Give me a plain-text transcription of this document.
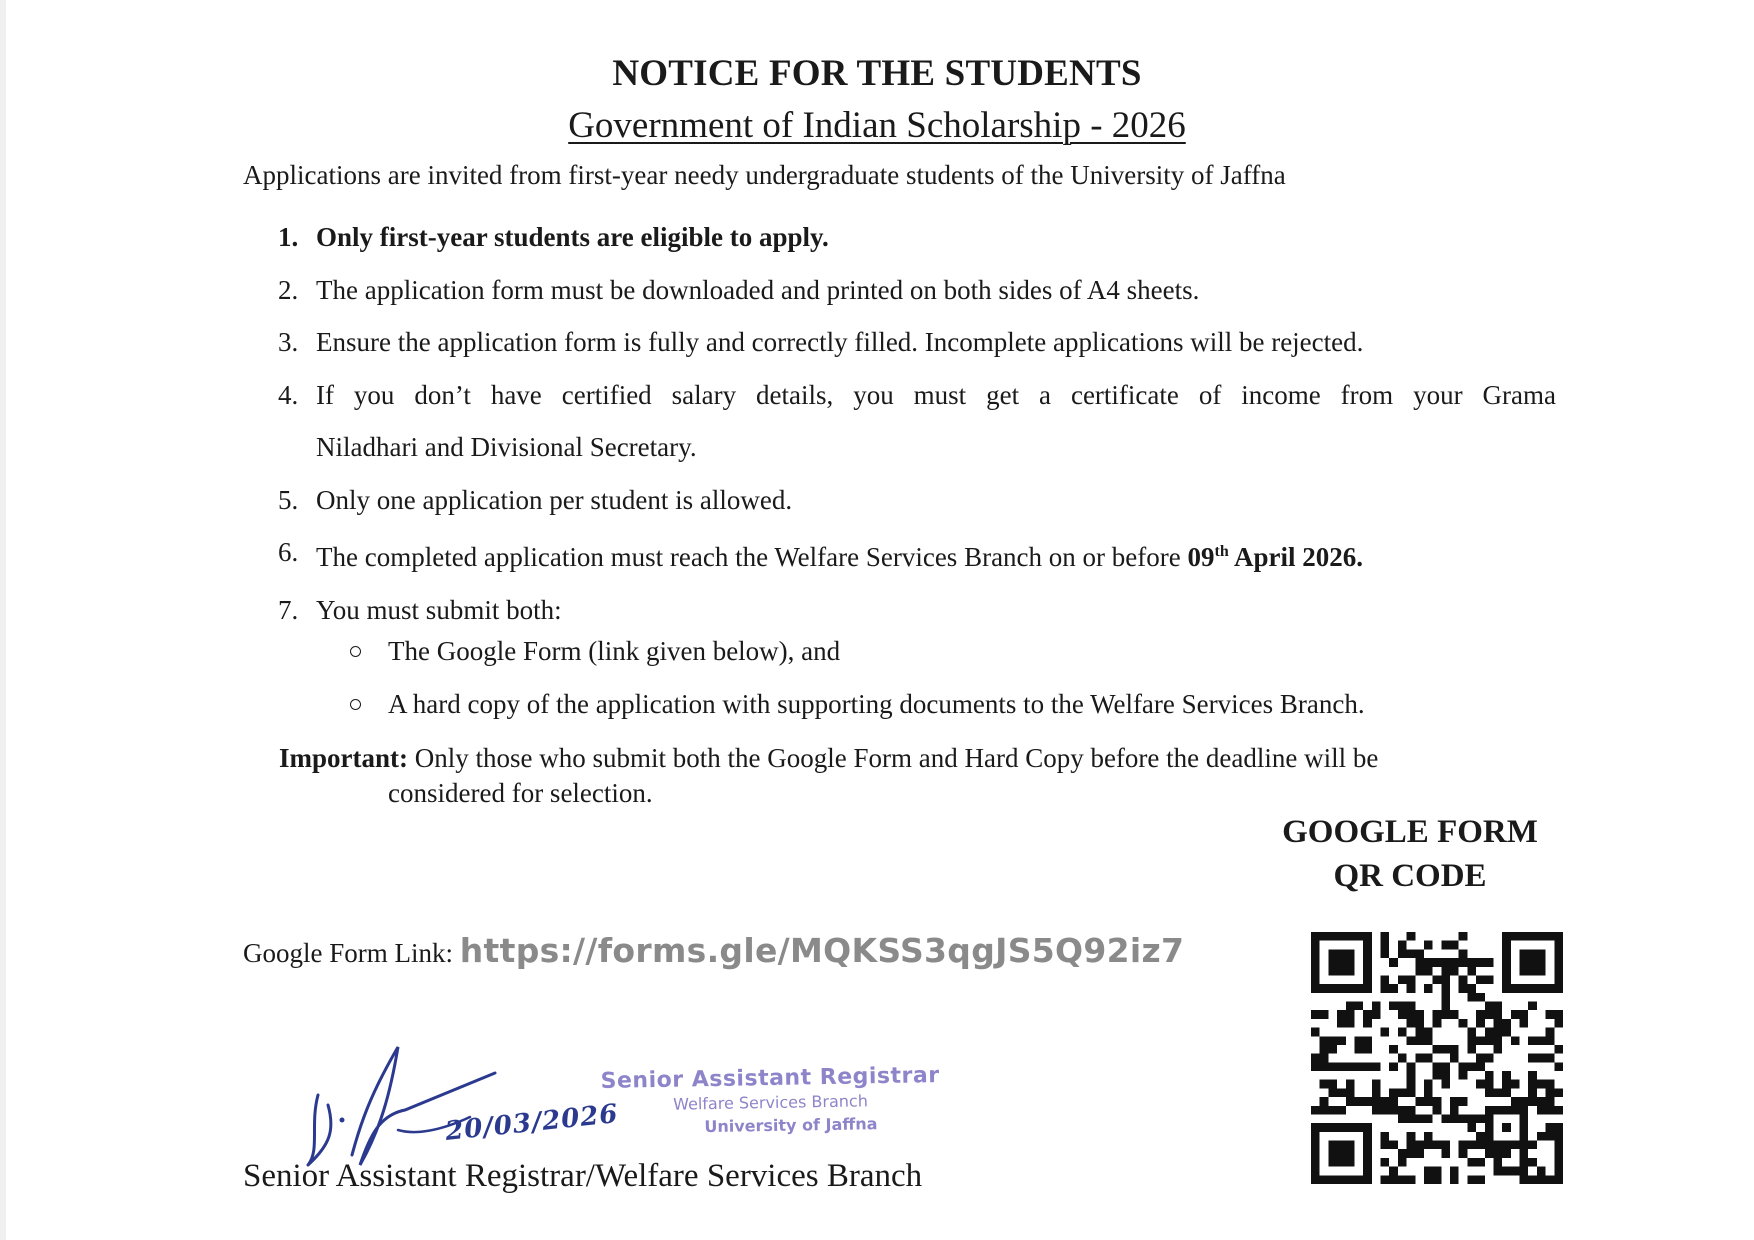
NOTICE FOR THE STUDENTS
Government of Indian Scholarship - 2026
Applications are invited from first-year needy undergraduate students of the University of Jaffna
1. Only first-year students are eligible to apply.
2. The application form must be downloaded and printed on both sides of A4 sheets.
3. Ensure the application form is fully and correctly filled. Incomplete applications will be rejected.
4. If you don’t have certified salary details, you must get a certificate of income from your Grama
Niladhari and Divisional Secretary.
5. Only one application per student is allowed.
6. The completed application must reach the Welfare Services Branch on or before 09th April 2026.
7. You must submit both:
The Google Form (link given below), and
A hard copy of the application with supporting documents to the Welfare Services Branch.
Important: Only those who submit both the Google Form and Hard Copy before the deadline will be
considered for selection.
GOOGLE FORM
QR CODE
Google Form Link: https://forms.gle/MQKSS3qgJS5Q92iz7
20/03/2026
Senior Assistant Registrar
Welfare Services Branch
University of Jaffna
Senior Assistant Registrar/Welfare Services Branch
